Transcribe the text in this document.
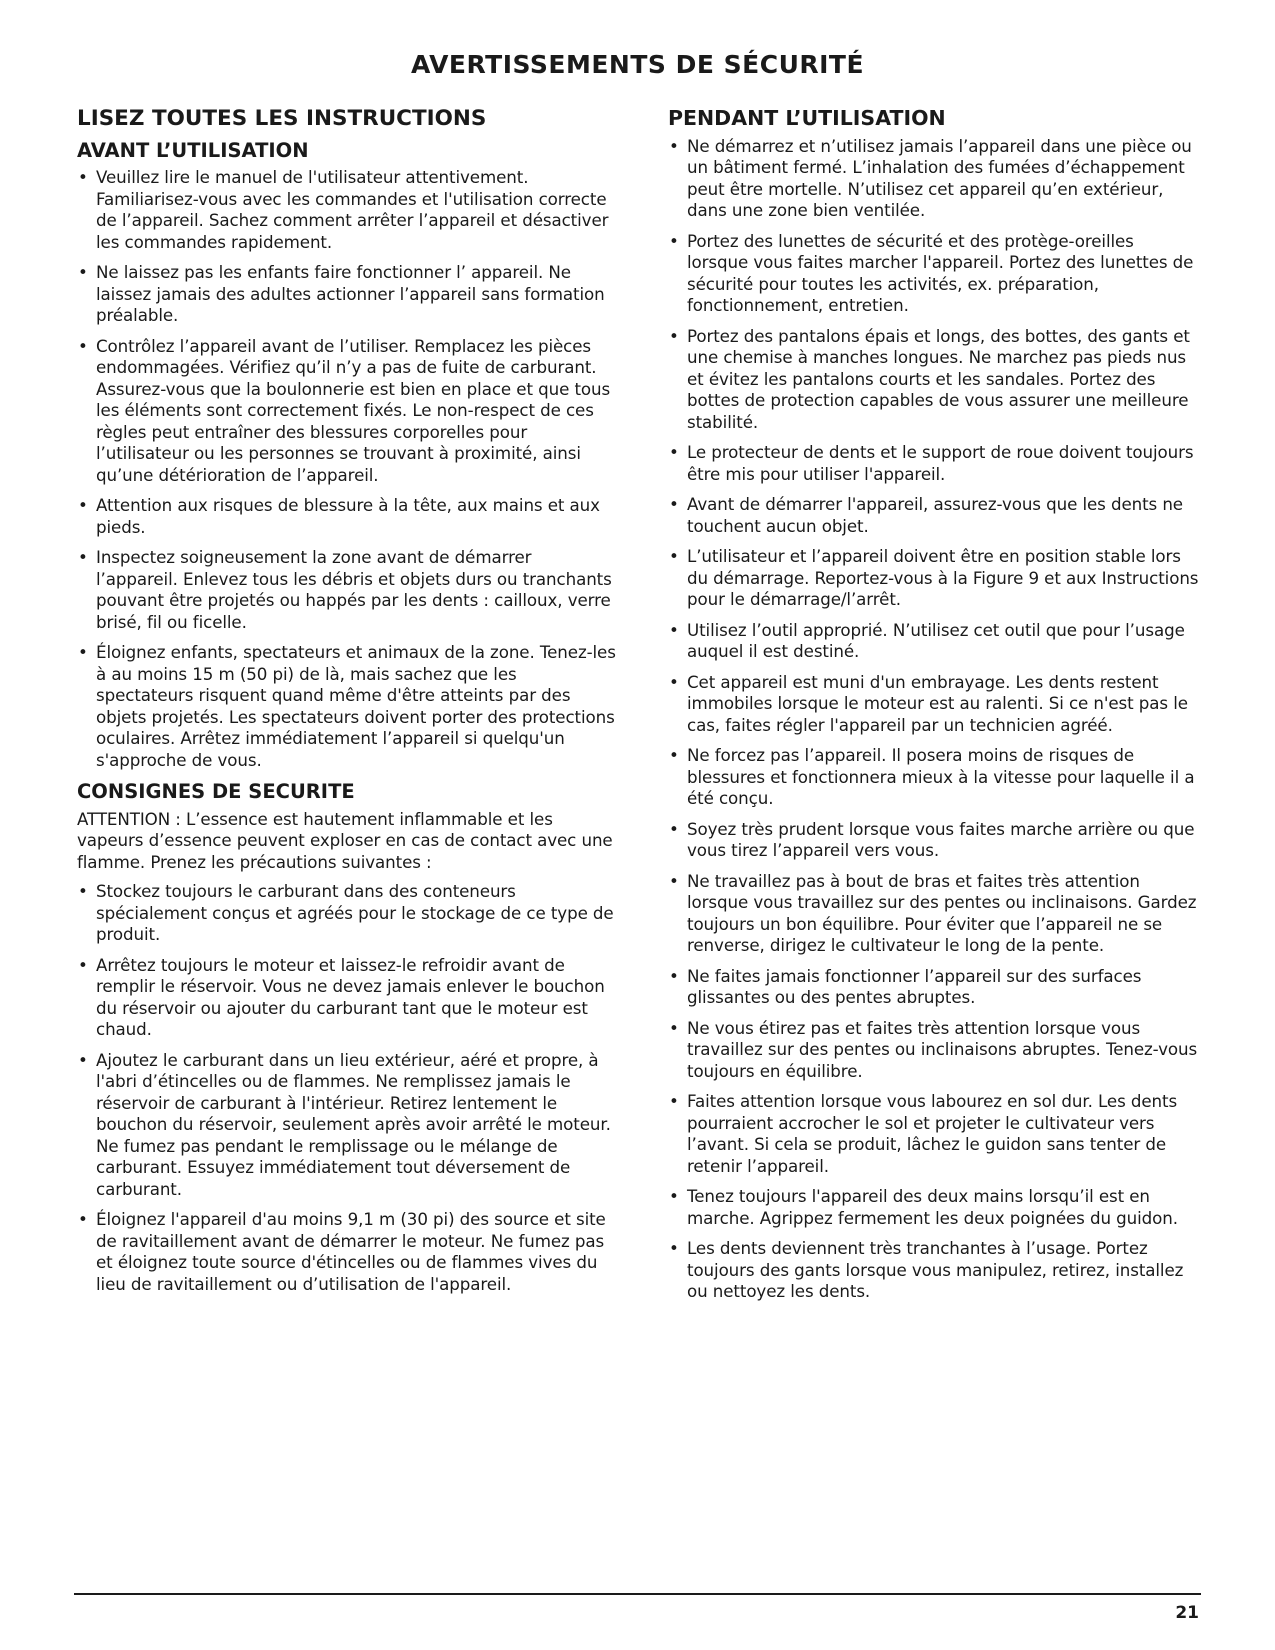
AVERTISSEMENTS DE SÉCURITÉ
LISEZ TOUTES LES INSTRUCTIONS
AVANT L’UTILISATION
• Veuillez lire le manuel de l'utilisateur attentivement. Familiarisez-vous avec les commandes et l'utilisation correcte de l’appareil. Sachez comment arrêter l’appareil et désactiver les commandes rapidement.
• Ne laissez pas les enfants faire fonctionner l’ appareil. Ne laissez jamais des adultes actionner l’appareil sans formation préalable.
• Contrôlez l’appareil avant de l’utiliser. Remplacez les pièces endommagées. Vérifiez qu’il n’y a pas de fuite de carburant. Assurez-vous que la boulonnerie est bien en place et que tous les éléments sont correctement fixés. Le non-respect de ces règles peut entraîner des blessures corporelles pour l’utilisateur ou les personnes se trouvant à proximité, ainsi qu’une détérioration de l’appareil.
• Attention aux risques de blessure à la tête, aux mains et aux pieds.
• Inspectez soigneusement la zone avant de démarrer l’appareil. Enlevez tous les débris et objets durs ou tranchants pouvant être projetés ou happés par les dents : cailloux, verre brisé, fil ou ficelle.
• Éloignez enfants, spectateurs et animaux de la zone. Tenez-les à au moins 15 m (50 pi) de là, mais sachez que les spectateurs risquent quand même d'être atteints par des objets projetés. Les spectateurs doivent porter des protections oculaires. Arrêtez immédiatement l’appareil si quelqu'un s'approche de vous.
CONSIGNES DE SECURITE

ATTENTION : L’essence est hautement inflammable et les vapeurs d’essence peuvent exploser en cas de contact avec une flamme. Prenez les précautions suivantes :

• Stockez toujours le carburant dans des conteneurs spécialement conçus et agréés pour le stockage de ce type de produit.
• Arrêtez toujours le moteur et laissez-le refroidir avant de remplir le réservoir. Vous ne devez jamais enlever le bouchon du réservoir ou ajouter du carburant tant que le moteur est chaud.
• Ajoutez le carburant dans un lieu extérieur, aéré et propre, à l'abri d’étincelles ou de flammes. Ne remplissez jamais le réservoir de carburant à l'intérieur. Retirez lentement le bouchon du réservoir, seulement après avoir arrêté le moteur. Ne fumez pas pendant le remplissage ou le mélange de carburant. Essuyez immédiatement tout déversement de carburant.
• Éloignez l'appareil d'au moins 9,1 m (30 pi) des source et site de ravitaillement avant de démarrer le moteur. Ne fumez pas et éloignez toute source d'étincelles ou de flammes vives du lieu de ravitaillement ou d’utilisation de l'appareil.
PENDANT L’UTILISATION
• Ne démarrez et n’utilisez jamais l’appareil dans une pièce ou un bâtiment fermé. L’inhalation des fumées d’échappement peut être mortelle. N’utilisez cet appareil qu’en extérieur, dans une zone bien ventilée.
• Portez des lunettes de sécurité et des protège-oreilles lorsque vous faites marcher l'appareil. Portez des lunettes de sécurité pour toutes les activités, ex. préparation, fonctionnement, entretien.
• Portez des pantalons épais et longs, des bottes, des gants et une chemise à manches longues. Ne marchez pas pieds nus et évitez les pantalons courts et les sandales. Portez des bottes de protection capables de vous assurer une meilleure stabilité.
• Le protecteur de dents et le support de roue doivent toujours être mis pour utiliser l'appareil.
• Avant de démarrer l'appareil, assurez-vous que les dents ne touchent aucun objet.
• L’utilisateur et l’appareil doivent être en position stable lors du démarrage. Reportez-vous à la Figure 9 et aux Instructions pour le démarrage/l’arrêt.
• Utilisez l’outil approprié. N’utilisez cet outil que pour l’usage auquel il est destiné.
• Cet appareil est muni d'un embrayage. Les dents restent immobiles lorsque le moteur est au ralenti. Si ce n'est pas le cas, faites régler l'appareil par un technicien agréé.
• Ne forcez pas l’appareil. Il posera moins de risques de blessures et fonctionnera mieux à la vitesse pour laquelle il a été conçu.
• Soyez très prudent lorsque vous faites marche arrière ou que vous tirez l’appareil vers vous.
• Ne travaillez pas à bout de bras et faites très attention lorsque vous travaillez sur des pentes ou inclinaisons. Gardez toujours un bon équilibre. Pour éviter que l’appareil ne se renverse, dirigez le cultivateur le long de la pente.
• Ne faites jamais fonctionner l’appareil sur des surfaces glissantes ou des pentes abruptes.
• Ne vous étirez pas et faites très attention lorsque vous travaillez sur des pentes ou inclinaisons abruptes. Tenez-vous toujours en équilibre.
• Faites attention lorsque vous labourez en sol dur. Les dents pourraient accrocher le sol et projeter le cultivateur vers l’avant. Si cela se produit, lâchez le guidon sans tenter de retenir l’appareil.
• Tenez toujours l'appareil des deux mains lorsqu’il est en marche. Agrippez fermement les deux poignées du guidon.
• Les dents deviennent très tranchantes à l’usage. Portez toujours des gants lorsque vous manipulez, retirez, installez ou nettoyez les dents.
21
